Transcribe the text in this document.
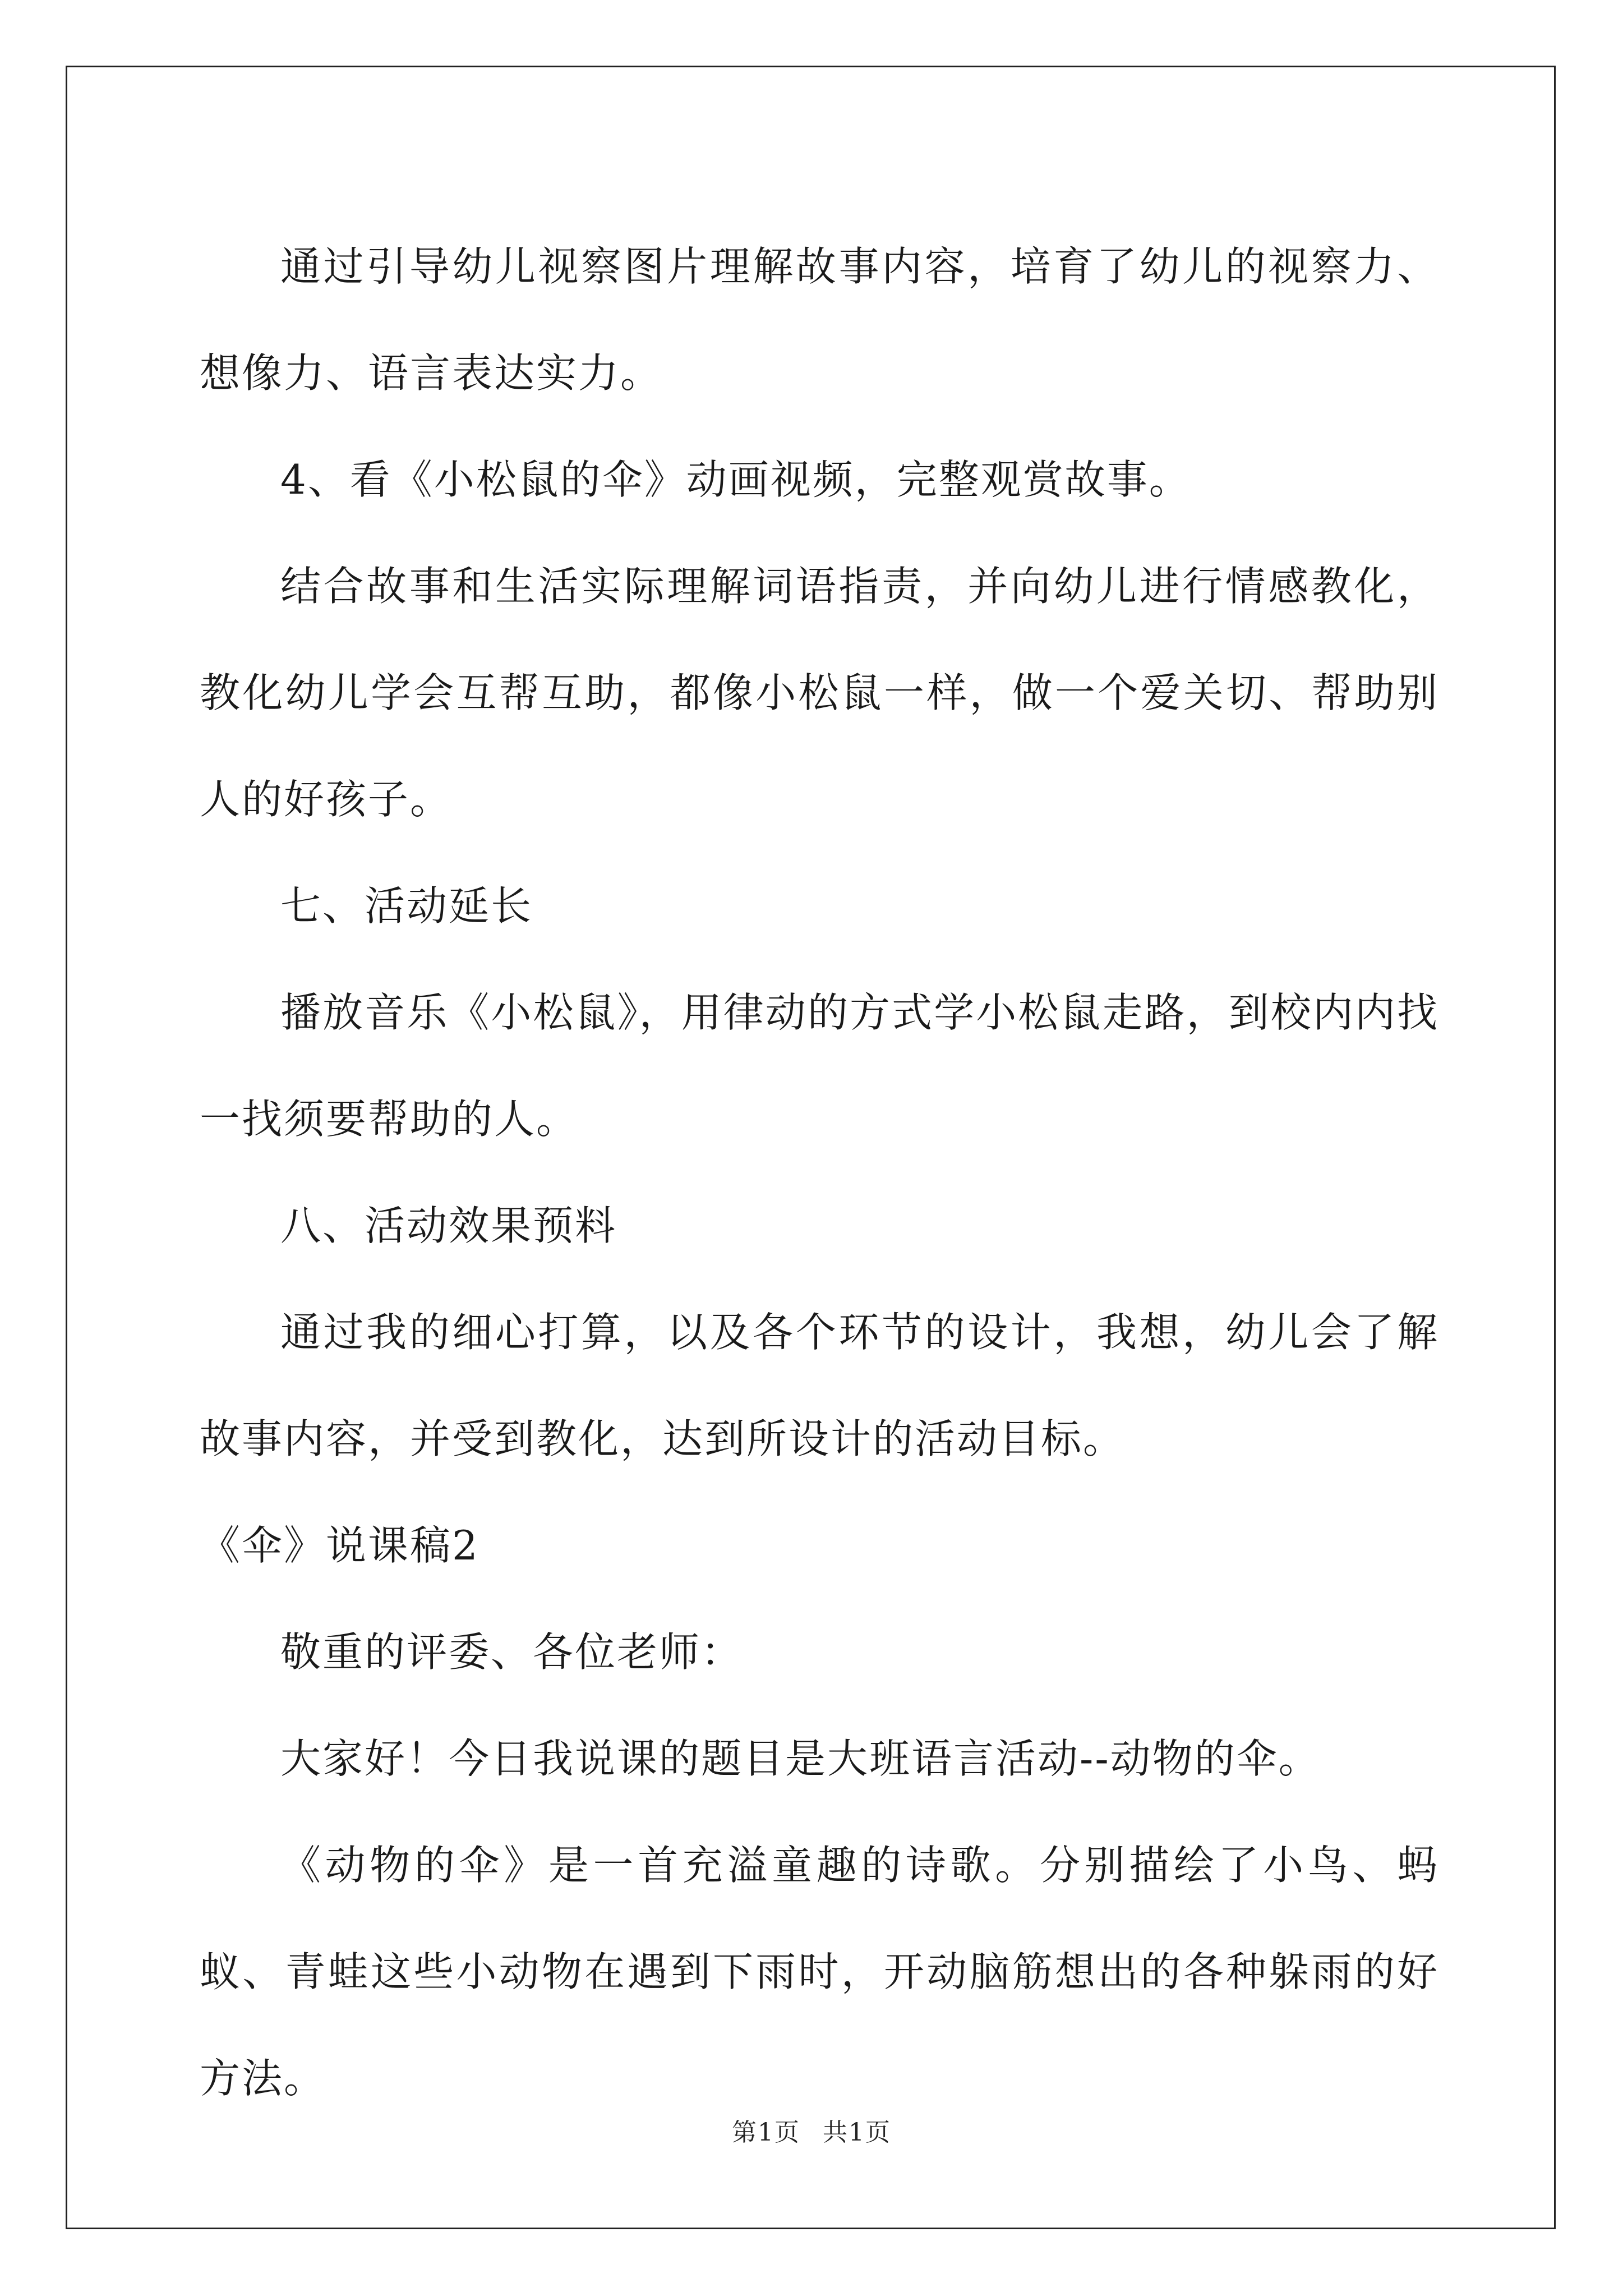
通过引导幼儿视察图片理解故事内容，培育了幼儿的视察力、想像力、语言表达实力。

4、看《小松鼠的伞》动画视频，完整观赏故事。

结合故事和生活实际理解词语指责，并向幼儿进行情感教化，教化幼儿学会互帮互助，都像小松鼠一样，做一个爱关切、帮助别人的好孩子。

七、活动延长

播放音乐《小松鼠》，用律动的方式学小松鼠走路，到校内内找一找须要帮助的人。

八、活动效果预料

通过我的细心打算，以及各个环节的设计，我想，幼儿会了解故事内容，并受到教化，达到所设计的活动目标。

《伞》说课稿2

敬重的评委、各位老师：

大家好！今日我说课的题目是大班语言活动--动物的伞。

《动物的伞》是一首充溢童趣的诗歌。分别描绘了小鸟、蚂蚁、青蛙这些小动物在遇到下雨时，开动脑筋想出的各种躲雨的好方法。

第1页 共1页
